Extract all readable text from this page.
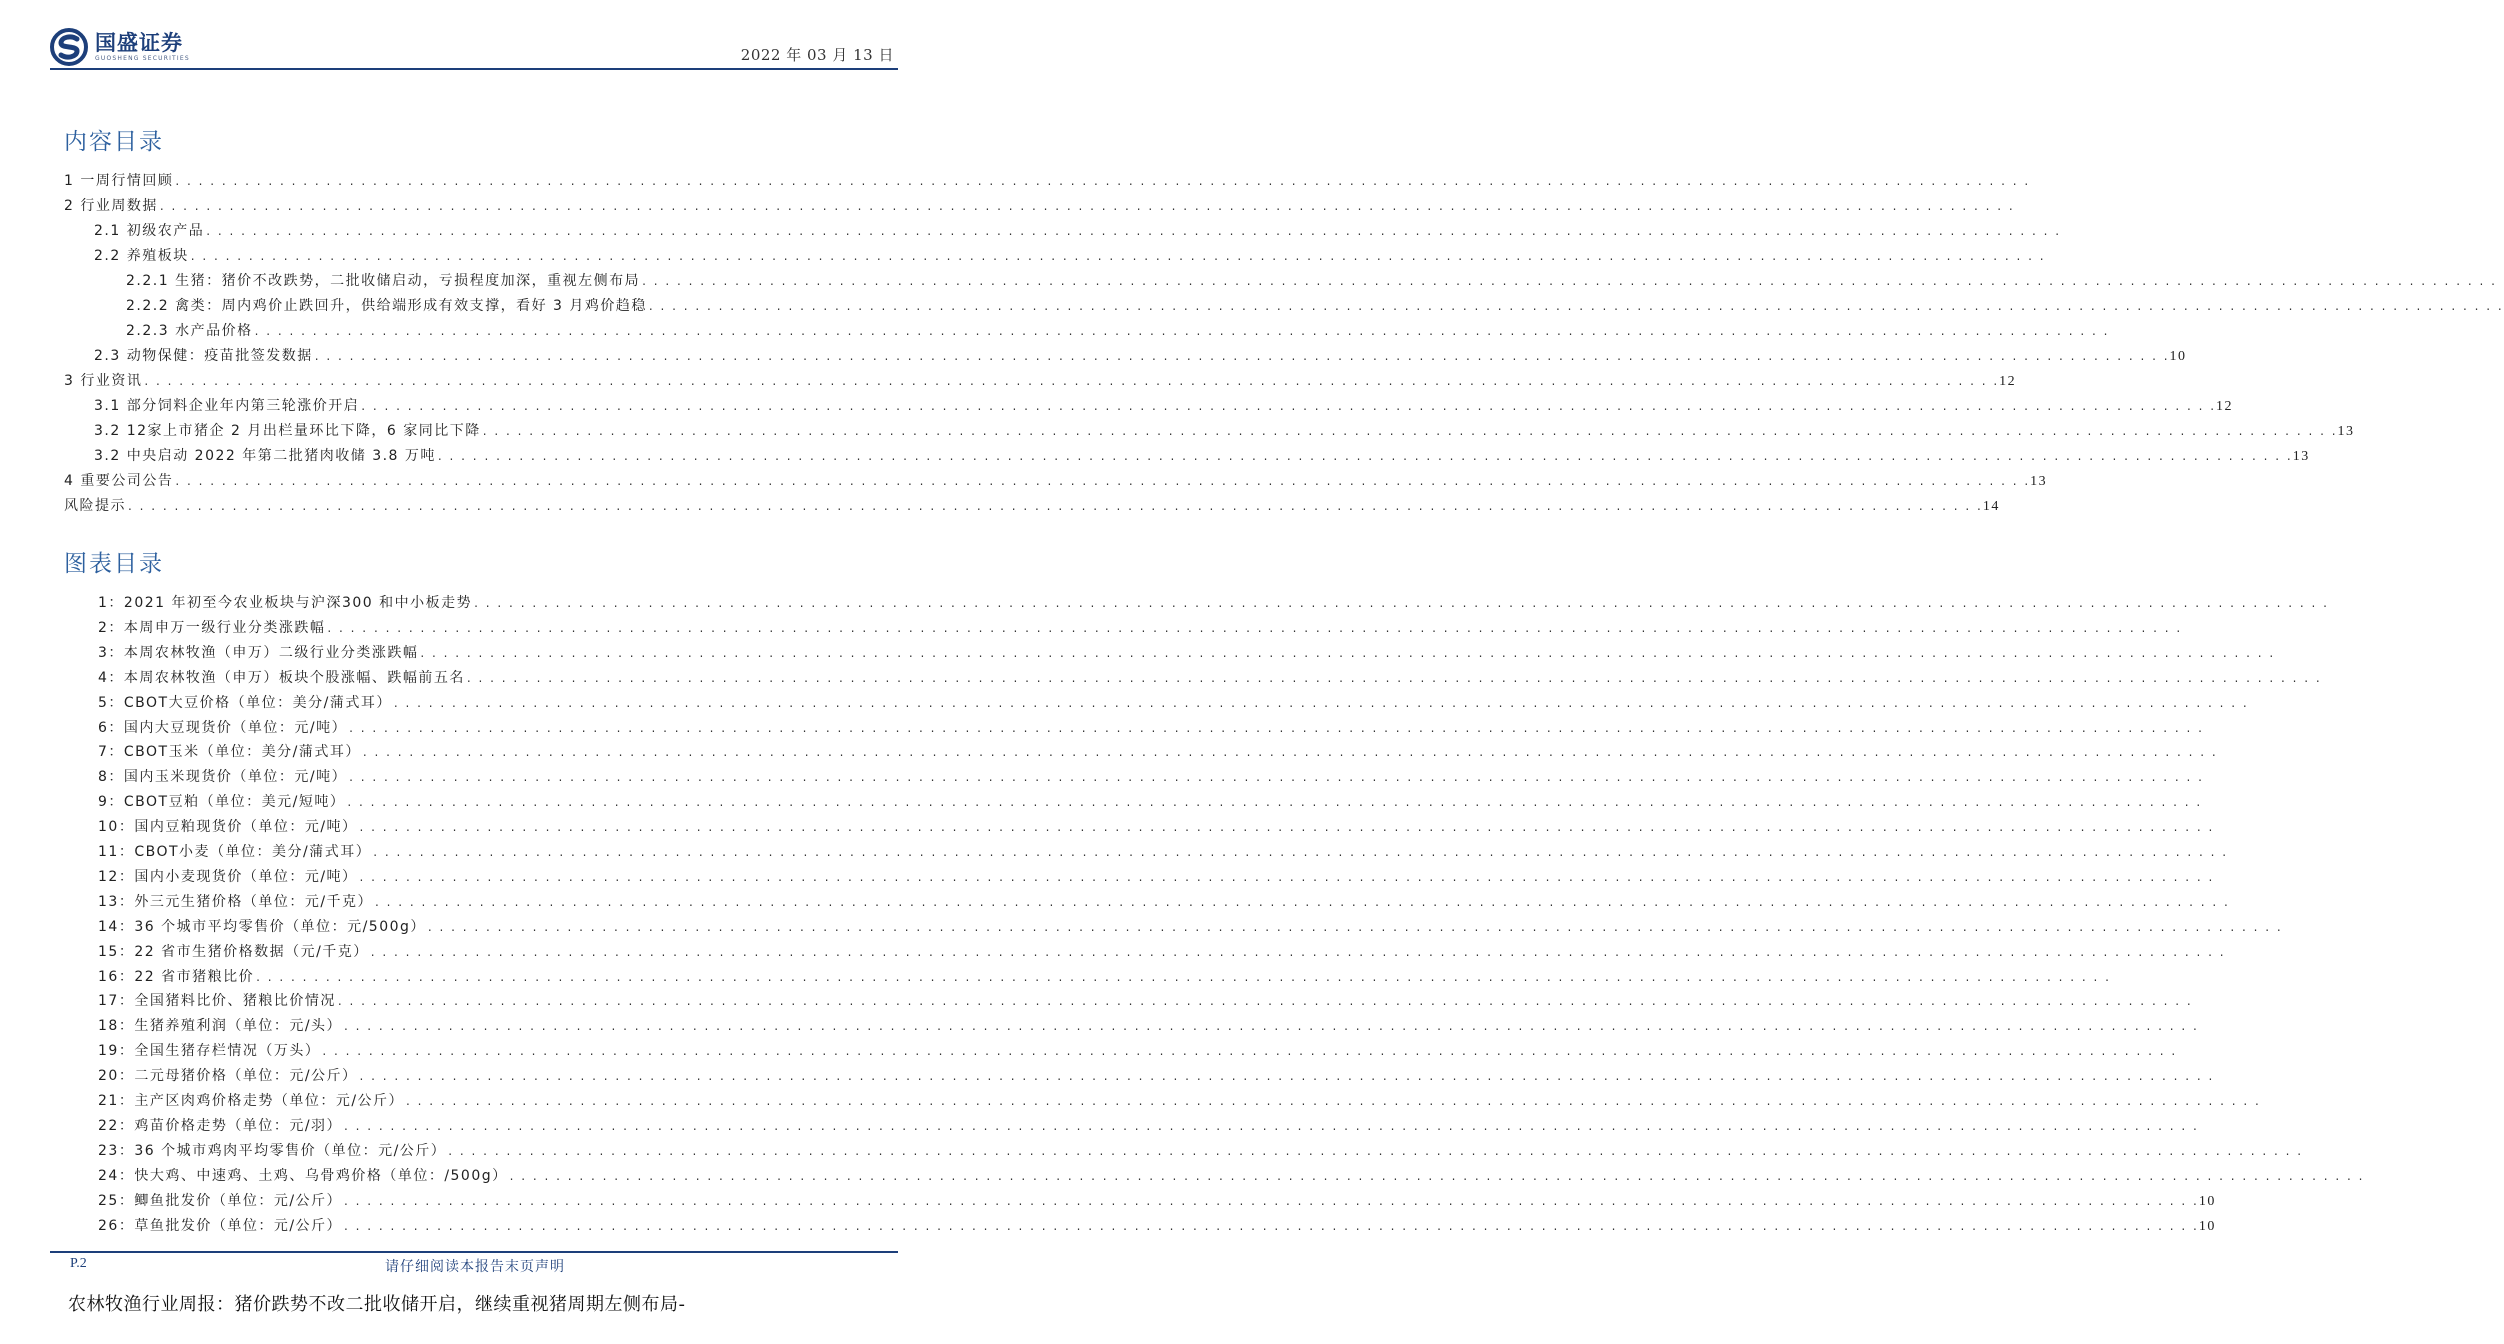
国盛证券
GUOSHENG SECURITIES	2022 年 03 月 13 日
内容目录
1 一周行情回顾 . . . . . . . . . . . . . . . . . . . . . . . . . . . . . . . . . . . . . . . . . . . . . . . . . . . . . . . . . . . . . . . . . . . . . . . . . . . . . . . . . . . . . . . . . . . . . . . . . . . . . . . . . . . . . . . . . . . . . . . . . . . . . . . . . . . . . . . . . . . . . . . . . . . . . . . . . . . . . . . .
2 行业周数据 . . . . . . . . . . . . . . . . . . . . . . . . . . . . . . . . . . . . . . . . . . . . . . . . . . . . . . . . . . . . . . . . . . . . . . . . . . . . . . . . . . . . . . . . . . . . . . . . . . . . . . . . . . . . . . . . . . . . . . . . . . . . . . . . . . . . . . . . . . . . . . . . . . . . . . . . . . . . . . . .
2.1 初级农产品 . . . . . . . . . . . . . . . . . . . . . . . . . . . . . . . . . . . . . . . . . . . . . . . . . . . . . . . . . . . . . . . . . . . . . . . . . . . . . . . . . . . . . . . . . . . . . . . . . . . . . . . . . . . . . . . . . . . . . . . . . . . . . . . . . . . . . . . . . . . . . . . . . . . . . . . . . . . . . . . .
2.2 养殖板块 . . . . . . . . . . . . . . . . . . . . . . . . . . . . . . . . . . . . . . . . . . . . . . . . . . . . . . . . . . . . . . . . . . . . . . . . . . . . . . . . . . . . . . . . . . . . . . . . . . . . . . . . . . . . . . . . . . . . . . . . . . . . . . . . . . . . . . . . . . . . . . . . . . . . . . . . . . . . . . . .
2.2.1 生猪：猪价不改跌势，二批收储启动，亏损程度加深，重视左侧布局 . . . . . . . . . . . . . . . . . . . . . . . . . . . . . . . . . . . . . . . . . . . . . . . . . . . . . . . . . . . . . . . . . . . . . . . . . . . . . . . . . . . . . . . . . . . . . . . . . . . . . . . . . . . . . . . . . . . . . . . . . . . . . . . . . . . . . . . . . . . . . . . . . . . . . . . . . . . . . . . .
2.2.2 禽类：周内鸡价止跌回升，供给端形成有效支撑，看好 3 月鸡价趋稳 . . . . . . . . . . . . . . . . . . . . . . . . . . . . . . . . . . . . . . . . . . . . . . . . . . . . . . . . . . . . . . . . . . . . . . . . . . . . . . . . . . . . . . . . . . . . . . . . . . . . . . . . . . . . . . . . . . . . . . . . . . . . . . . . . . . . . . . . . . . . . . . . . . . . . . . . . . . . . . . .
2.2.3 水产品价格 . . . . . . . . . . . . . . . . . . . . . . . . . . . . . . . . . . . . . . . . . . . . . . . . . . . . . . . . . . . . . . . . . . . . . . . . . . . . . . . . . . . . . . . . . . . . . . . . . . . . . . . . . . . . . . . . . . . . . . . . . . . . . . . . . . . . . . . . . . . . . . . . . . . . . . . . . . . . . . . .
2.3 动物保健：疫苗批签发数据 . . . . . . . . . . . . . . . . . . . . . . . . . . . . . . . . . . . . . . . . . . . . . . . . . . . . . . . . . . . . . . . . . . . . . . . . . . . . . . . . . . . . . . . . . . . . . . . . . . . . . . . . . . . . . . . . . . . . . . . . . . . . . . . . . . . . . . . . . . . . . . . . . . . . . . . . . . . . . . . . 10
3 行业资讯 . . . . . . . . . . . . . . . . . . . . . . . . . . . . . . . . . . . . . . . . . . . . . . . . . . . . . . . . . . . . . . . . . . . . . . . . . . . . . . . . . . . . . . . . . . . . . . . . . . . . . . . . . . . . . . . . . . . . . . . . . . . . . . . . . . . . . . . . . . . . . . . . . . . . . . . . . . . . . . . . 12
3.1 部分饲料企业年内第三轮涨价开启 . . . . . . . . . . . . . . . . . . . . . . . . . . . . . . . . . . . . . . . . . . . . . . . . . . . . . . . . . . . . . . . . . . . . . . . . . . . . . . . . . . . . . . . . . . . . . . . . . . . . . . . . . . . . . . . . . . . . . . . . . . . . . . . . . . . . . . . . . . . . . . . . . . . . . . . . . . . . . . . . 12
3.2 12家上市猪企 2 月出栏量环比下降，6 家同比下降 . . . . . . . . . . . . . . . . . . . . . . . . . . . . . . . . . . . . . . . . . . . . . . . . . . . . . . . . . . . . . . . . . . . . . . . . . . . . . . . . . . . . . . . . . . . . . . . . . . . . . . . . . . . . . . . . . . . . . . . . . . . . . . . . . . . . . . . . . . . . . . . . . . . . . . . . . . . . . . . . 13
3.2 中央启动 2022 年第二批猪肉收储 3.8 万吨 . . . . . . . . . . . . . . . . . . . . . . . . . . . . . . . . . . . . . . . . . . . . . . . . . . . . . . . . . . . . . . . . . . . . . . . . . . . . . . . . . . . . . . . . . . . . . . . . . . . . . . . . . . . . . . . . . . . . . . . . . . . . . . . . . . . . . . . . . . . . . . . . . . . . . . . . . . . . . . . . 13
4 重要公司公告 . . . . . . . . . . . . . . . . . . . . . . . . . . . . . . . . . . . . . . . . . . . . . . . . . . . . . . . . . . . . . . . . . . . . . . . . . . . . . . . . . . . . . . . . . . . . . . . . . . . . . . . . . . . . . . . . . . . . . . . . . . . . . . . . . . . . . . . . . . . . . . . . . . . . . . . . . . . . . . . . 13
风险提示 . . . . . . . . . . . . . . . . . . . . . . . . . . . . . . . . . . . . . . . . . . . . . . . . . . . . . . . . . . . . . . . . . . . . . . . . . . . . . . . . . . . . . . . . . . . . . . . . . . . . . . . . . . . . . . . . . . . . . . . . . . . . . . . . . . . . . . . . . . . . . . . . . . . . . . . . . . . . . . . . 14
图表目录
1：2021 年初至今农业板块与沪深300 和中小板走势 . . . . . . . . . . . . . . . . . . . . . . . . . . . . . . . . . . . . . . . . . . . . . . . . . . . . . . . . . . . . . . . . . . . . . . . . . . . . . . . . . . . . . . . . . . . . . . . . . . . . . . . . . . . . . . . . . . . . . . . . . . . . . . . . . . . . . . . . . . . . . . . . . . . . . . . . . . . . . . . .
2：本周申万一级行业分类涨跌幅 . . . . . . . . . . . . . . . . . . . . . . . . . . . . . . . . . . . . . . . . . . . . . . . . . . . . . . . . . . . . . . . . . . . . . . . . . . . . . . . . . . . . . . . . . . . . . . . . . . . . . . . . . . . . . . . . . . . . . . . . . . . . . . . . . . . . . . . . . . . . . . . . . . . . . . . . . . . . . . . .
3：本周农林牧渔（申万）二级行业分类涨跌幅 . . . . . . . . . . . . . . . . . . . . . . . . . . . . . . . . . . . . . . . . . . . . . . . . . . . . . . . . . . . . . . . . . . . . . . . . . . . . . . . . . . . . . . . . . . . . . . . . . . . . . . . . . . . . . . . . . . . . . . . . . . . . . . . . . . . . . . . . . . . . . . . . . . . . . . . . . . . . . . . .
4：本周农林牧渔（申万）板块个股涨幅、跌幅前五名 . . . . . . . . . . . . . . . . . . . . . . . . . . . . . . . . . . . . . . . . . . . . . . . . . . . . . . . . . . . . . . . . . . . . . . . . . . . . . . . . . . . . . . . . . . . . . . . . . . . . . . . . . . . . . . . . . . . . . . . . . . . . . . . . . . . . . . . . . . . . . . . . . . . . . . . . . . . . . . . .
5：CBOT大豆价格（单位：美分/蒲式耳） . . . . . . . . . . . . . . . . . . . . . . . . . . . . . . . . . . . . . . . . . . . . . . . . . . . . . . . . . . . . . . . . . . . . . . . . . . . . . . . . . . . . . . . . . . . . . . . . . . . . . . . . . . . . . . . . . . . . . . . . . . . . . . . . . . . . . . . . . . . . . . . . . . . . . . . . . . . . . . . .
6：国内大豆现货价（单位：元/吨） . . . . . . . . . . . . . . . . . . . . . . . . . . . . . . . . . . . . . . . . . . . . . . . . . . . . . . . . . . . . . . . . . . . . . . . . . . . . . . . . . . . . . . . . . . . . . . . . . . . . . . . . . . . . . . . . . . . . . . . . . . . . . . . . . . . . . . . . . . . . . . . . . . . . . . . . . . . . . . . .
7：CBOT玉米（单位：美分/蒲式耳） . . . . . . . . . . . . . . . . . . . . . . . . . . . . . . . . . . . . . . . . . . . . . . . . . . . . . . . . . . . . . . . . . . . . . . . . . . . . . . . . . . . . . . . . . . . . . . . . . . . . . . . . . . . . . . . . . . . . . . . . . . . . . . . . . . . . . . . . . . . . . . . . . . . . . . . . . . . . . . . .
8：国内玉米现货价（单位：元/吨） . . . . . . . . . . . . . . . . . . . . . . . . . . . . . . . . . . . . . . . . . . . . . . . . . . . . . . . . . . . . . . . . . . . . . . . . . . . . . . . . . . . . . . . . . . . . . . . . . . . . . . . . . . . . . . . . . . . . . . . . . . . . . . . . . . . . . . . . . . . . . . . . . . . . . . . . . . . . . . . .
9：CBOT豆粕（单位：美元/短吨） . . . . . . . . . . . . . . . . . . . . . . . . . . . . . . . . . . . . . . . . . . . . . . . . . . . . . . . . . . . . . . . . . . . . . . . . . . . . . . . . . . . . . . . . . . . . . . . . . . . . . . . . . . . . . . . . . . . . . . . . . . . . . . . . . . . . . . . . . . . . . . . . . . . . . . . . . . . . . . . .
10：国内豆粕现货价（单位：元/吨） . . . . . . . . . . . . . . . . . . . . . . . . . . . . . . . . . . . . . . . . . . . . . . . . . . . . . . . . . . . . . . . . . . . . . . . . . . . . . . . . . . . . . . . . . . . . . . . . . . . . . . . . . . . . . . . . . . . . . . . . . . . . . . . . . . . . . . . . . . . . . . . . . . . . . . . . . . . . . . . .
11：CBOT小麦（单位：美分/蒲式耳） . . . . . . . . . . . . . . . . . . . . . . . . . . . . . . . . . . . . . . . . . . . . . . . . . . . . . . . . . . . . . . . . . . . . . . . . . . . . . . . . . . . . . . . . . . . . . . . . . . . . . . . . . . . . . . . . . . . . . . . . . . . . . . . . . . . . . . . . . . . . . . . . . . . . . . . . . . . . . . . .
12：国内小麦现货价（单位：元/吨） . . . . . . . . . . . . . . . . . . . . . . . . . . . . . . . . . . . . . . . . . . . . . . . . . . . . . . . . . . . . . . . . . . . . . . . . . . . . . . . . . . . . . . . . . . . . . . . . . . . . . . . . . . . . . . . . . . . . . . . . . . . . . . . . . . . . . . . . . . . . . . . . . . . . . . . . . . . . . . . .
13：外三元生猪价格（单位：元/千克） . . . . . . . . . . . . . . . . . . . . . . . . . . . . . . . . . . . . . . . . . . . . . . . . . . . . . . . . . . . . . . . . . . . . . . . . . . . . . . . . . . . . . . . . . . . . . . . . . . . . . . . . . . . . . . . . . . . . . . . . . . . . . . . . . . . . . . . . . . . . . . . . . . . . . . . . . . . . . . . .
14：36 个城市平均零售价（单位：元/500g） . . . . . . . . . . . . . . . . . . . . . . . . . . . . . . . . . . . . . . . . . . . . . . . . . . . . . . . . . . . . . . . . . . . . . . . . . . . . . . . . . . . . . . . . . . . . . . . . . . . . . . . . . . . . . . . . . . . . . . . . . . . . . . . . . . . . . . . . . . . . . . . . . . . . . . . . . . . . . . . .
15：22 省市生猪价格数据（元/千克） . . . . . . . . . . . . . . . . . . . . . . . . . . . . . . . . . . . . . . . . . . . . . . . . . . . . . . . . . . . . . . . . . . . . . . . . . . . . . . . . . . . . . . . . . . . . . . . . . . . . . . . . . . . . . . . . . . . . . . . . . . . . . . . . . . . . . . . . . . . . . . . . . . . . . . . . . . . . . . . .
16：22 省市猪粮比价 . . . . . . . . . . . . . . . . . . . . . . . . . . . . . . . . . . . . . . . . . . . . . . . . . . . . . . . . . . . . . . . . . . . . . . . . . . . . . . . . . . . . . . . . . . . . . . . . . . . . . . . . . . . . . . . . . . . . . . . . . . . . . . . . . . . . . . . . . . . . . . . . . . . . . . . . . . . . . . . .
17：全国猪料比价、猪粮比价情况 . . . . . . . . . . . . . . . . . . . . . . . . . . . . . . . . . . . . . . . . . . . . . . . . . . . . . . . . . . . . . . . . . . . . . . . . . . . . . . . . . . . . . . . . . . . . . . . . . . . . . . . . . . . . . . . . . . . . . . . . . . . . . . . . . . . . . . . . . . . . . . . . . . . . . . . . . . . . . . . .
18：生猪养殖利润（单位：元/头） . . . . . . . . . . . . . . . . . . . . . . . . . . . . . . . . . . . . . . . . . . . . . . . . . . . . . . . . . . . . . . . . . . . . . . . . . . . . . . . . . . . . . . . . . . . . . . . . . . . . . . . . . . . . . . . . . . . . . . . . . . . . . . . . . . . . . . . . . . . . . . . . . . . . . . . . . . . . . . . .
19：全国生猪存栏情况（万头） . . . . . . . . . . . . . . . . . . . . . . . . . . . . . . . . . . . . . . . . . . . . . . . . . . . . . . . . . . . . . . . . . . . . . . . . . . . . . . . . . . . . . . . . . . . . . . . . . . . . . . . . . . . . . . . . . . . . . . . . . . . . . . . . . . . . . . . . . . . . . . . . . . . . . . . . . . . . . . . .
20：二元母猪价格（单位：元/公斤） . . . . . . . . . . . . . . . . . . . . . . . . . . . . . . . . . . . . . . . . . . . . . . . . . . . . . . . . . . . . . . . . . . . . . . . . . . . . . . . . . . . . . . . . . . . . . . . . . . . . . . . . . . . . . . . . . . . . . . . . . . . . . . . . . . . . . . . . . . . . . . . . . . . . . . . . . . . . . . . .
21：主产区肉鸡价格走势（单位：元/公斤） . . . . . . . . . . . . . . . . . . . . . . . . . . . . . . . . . . . . . . . . . . . . . . . . . . . . . . . . . . . . . . . . . . . . . . . . . . . . . . . . . . . . . . . . . . . . . . . . . . . . . . . . . . . . . . . . . . . . . . . . . . . . . . . . . . . . . . . . . . . . . . . . . . . . . . . . . . . . . . . .
22：鸡苗价格走势（单位：元/羽） . . . . . . . . . . . . . . . . . . . . . . . . . . . . . . . . . . . . . . . . . . . . . . . . . . . . . . . . . . . . . . . . . . . . . . . . . . . . . . . . . . . . . . . . . . . . . . . . . . . . . . . . . . . . . . . . . . . . . . . . . . . . . . . . . . . . . . . . . . . . . . . . . . . . . . . . . . . . . . . .
23：36 个城市鸡肉平均零售价（单位：元/公斤） . . . . . . . . . . . . . . . . . . . . . . . . . . . . . . . . . . . . . . . . . . . . . . . . . . . . . . . . . . . . . . . . . . . . . . . . . . . . . . . . . . . . . . . . . . . . . . . . . . . . . . . . . . . . . . . . . . . . . . . . . . . . . . . . . . . . . . . . . . . . . . . . . . . . . . . . . . . . . . . .
24：快大鸡、中速鸡、土鸡、乌骨鸡价格（单位：/500g） . . . . . . . . . . . . . . . . . . . . . . . . . . . . . . . . . . . . . . . . . . . . . . . . . . . . . . . . . . . . . . . . . . . . . . . . . . . . . . . . . . . . . . . . . . . . . . . . . . . . . . . . . . . . . . . . . . . . . . . . . . . . . . . . . . . . . . . . . . . . . . . . . . . . . . . . . . . . . . . .
25：鲫鱼批发价（单位：元/公斤） . . . . . . . . . . . . . . . . . . . . . . . . . . . . . . . . . . . . . . . . . . . . . . . . . . . . . . . . . . . . . . . . . . . . . . . . . . . . . . . . . . . . . . . . . . . . . . . . . . . . . . . . . . . . . . . . . . . . . . . . . . . . . . . . . . . . . . . . . . . . . . . . . . . . . . . . . . . . . . . . 10
26：草鱼批发价（单位：元/公斤） . . . . . . . . . . . . . . . . . . . . . . . . . . . . . . . . . . . . . . . . . . . . . . . . . . . . . . . . . . . . . . . . . . . . . . . . . . . . . . . . . . . . . . . . . . . . . . . . . . . . . . . . . . . . . . . . . . . . . . . . . . . . . . . . . . . . . . . . . . . . . . . . . . . . . . . . . . . . . . . . 10
P.2	请仔细阅读本报告末页声明
农林牧渔行业周报：猪价跌势不改二批收储开启，继续重视猪周期左侧布局-
